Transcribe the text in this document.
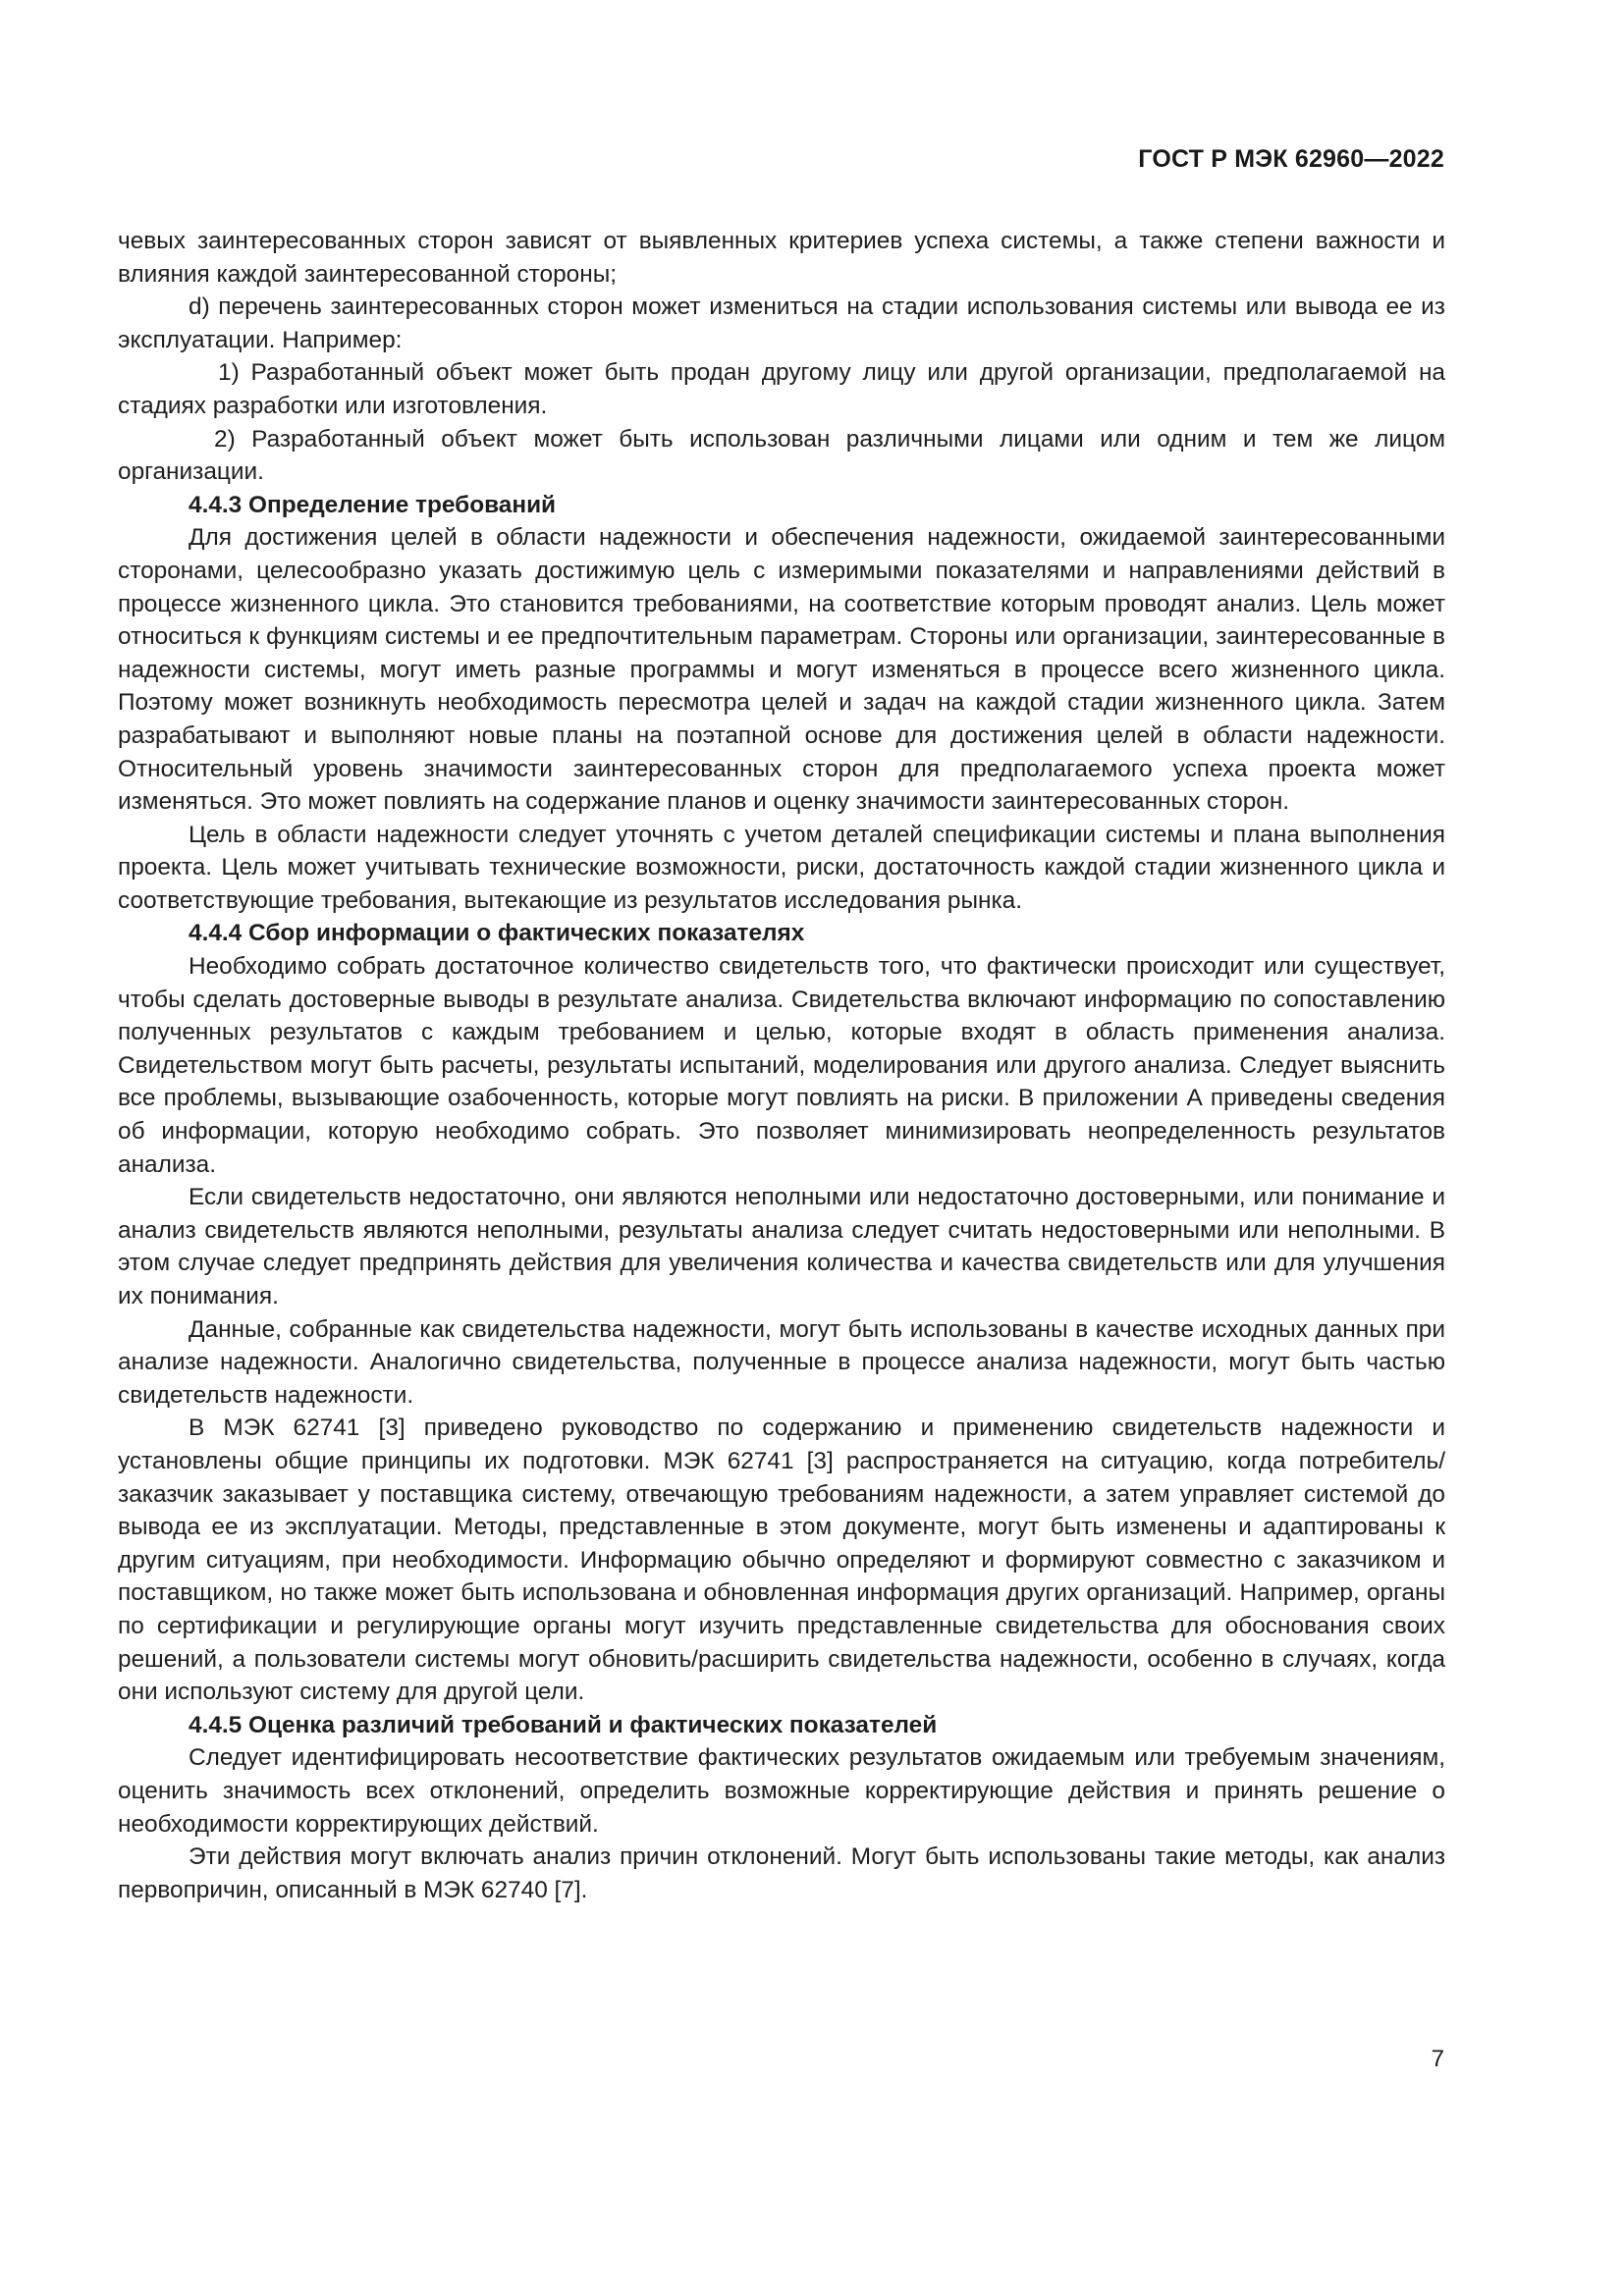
ГОСТ Р МЭК 62960—2022

чевых заинтересованных сторон зависят от выявленных критериев успеха системы, а также степени важности и влияния каждой заинтересованной стороны;

d) перечень заинтересованных сторон может измениться на стадии использования системы или вывода ее из эксплуатации. Например:

1) Разработанный объект может быть продан другому лицу или другой организации, предполагаемой на стадиях разработки или изготовления.

2) Разработанный объект может быть использован различными лицами или одним и тем же лицом организации.

4.4.3 Определение требований

Для достижения целей в области надежности и обеспечения надежности, ожидаемой заинтересованными сторонами, целесообразно указать достижимую цель с измеримыми показателями и направлениями действий в процессе жизненного цикла. Это становится требованиями, на соответствие которым проводят анализ. Цель может относиться к функциям системы и ее предпочтительным параметрам. Стороны или организации, заинтересованные в надежности системы, могут иметь разные программы и могут изменяться в процессе всего жизненного цикла. Поэтому может возникнуть необходимость пересмотра целей и задач на каждой стадии жизненного цикла. Затем разрабатывают и выполняют новые планы на поэтапной основе для достижения целей в области надежности. Относительный уровень значимости заинтересованных сторон для предполагаемого успеха проекта может изменяться. Это может повлиять на содержание планов и оценку значимости заинтересованных сторон.

Цель в области надежности следует уточнять с учетом деталей спецификации системы и плана выполнения проекта. Цель может учитывать технические возможности, риски, достаточность каждой стадии жизненного цикла и соответствующие требования, вытекающие из результатов исследования рынка.

4.4.4 Сбор информации о фактических показателях

Необходимо собрать достаточное количество свидетельств того, что фактически происходит или существует, чтобы сделать достоверные выводы в результате анализа. Свидетельства включают информацию по сопоставлению полученных результатов с каждым требованием и целью, которые входят в область применения анализа. Свидетельством могут быть расчеты, результаты испытаний, моделирования или другого анализа. Следует выяснить все проблемы, вызывающие озабоченность, которые могут повлиять на риски. В приложении А приведены сведения об информации, которую необходимо собрать. Это позволяет минимизировать неопределенность результатов анализа.

Если свидетельств недостаточно, они являются неполными или недостаточно достоверными, или понимание и анализ свидетельств являются неполными, результаты анализа следует считать недостоверными или неполными. В этом случае следует предпринять действия для увеличения количества и качества свидетельств или для улучшения их понимания.

Данные, собранные как свидетельства надежности, могут быть использованы в качестве исходных данных при анализе надежности. Аналогично свидетельства, полученные в процессе анализа надежности, могут быть частью свидетельств надежности.

В МЭК 62741 [3] приведено руководство по содержанию и применению свидетельств надежности и установлены общие принципы их подготовки. МЭК 62741 [3] распространяется на ситуацию, когда потребитель/заказчик заказывает у поставщика систему, отвечающую требованиям надежности, а затем управляет системой до вывода ее из эксплуатации. Методы, представленные в этом документе, могут быть изменены и адаптированы к другим ситуациям, при необходимости. Информацию обычно определяют и формируют совместно с заказчиком и поставщиком, но также может быть использована и обновленная информация других организаций. Например, органы по сертификации и регулирующие органы могут изучить представленные свидетельства для обоснования своих решений, а пользователи системы могут обновить/расширить свидетельства надежности, особенно в случаях, когда они используют систему для другой цели.

4.4.5 Оценка различий требований и фактических показателей

Следует идентифицировать несоответствие фактических результатов ожидаемым или требуемым значениям, оценить значимость всех отклонений, определить возможные корректирующие действия и принять решение о необходимости корректирующих действий.

Эти действия могут включать анализ причин отклонений. Могут быть использованы такие методы, как анализ первопричин, описанный в МЭК 62740 [7].

7
